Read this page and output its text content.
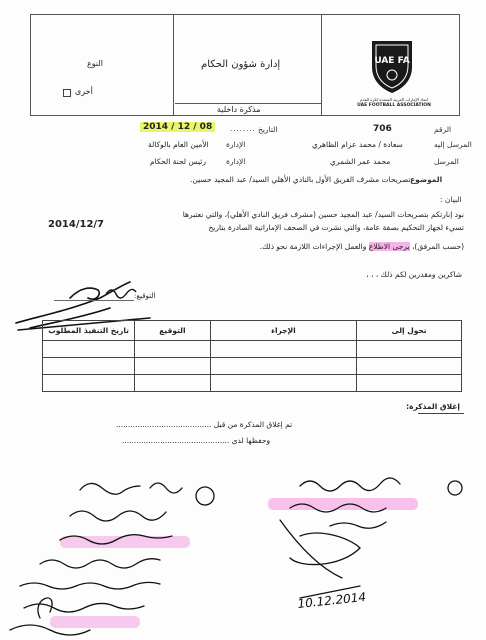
النوع
أخرى
إدارة شؤون الحكام
مذكرة داخلية
UAE FA
اتحاد الإمارات العربية المتحدة لكرة القدم
UAE FOOTBALL ASSOCIATION
الرقم
706
التاريخ
........
2014 / 12 / 08
المرسل إليه
سعادة / محمد عزام الظاهري
الإدارة
الأمين العام بالوكالة
المرسل
محمد عمر الشمري
الإدارة
رئيس لجنة الحكام
الموضوع
تصريحات مشرف الفريق الأول بالنادي الأهلي السيد/ عبد المجيد حسين.
البيان :
نود إنارتكم بتصريحات السيد/ عبد المجيد حسين (مشرف فريق النادي الأهلي)، والتي نعتبرها
تسيء لجهاز التحكيم بصفة عامة، والتي نشرت في الصحف الإماراتية الصادرة بتاريخ
2014/12/7
(حسب المرفق)، يرجى الاطلاع والعمل الإجراءات اللازمة نحو ذلك.
شاكرين ومقدرين لكم ذلك ، ، ،
التوقيع:
تحول إلى	الإجراء	التوقيع	تاريخ التنفيذ المطلوب

إغلاق المذكرة:
تم إغلاق المذكرة من قبل ........................................
وحفظها لدى .............................................
10.12.2014
